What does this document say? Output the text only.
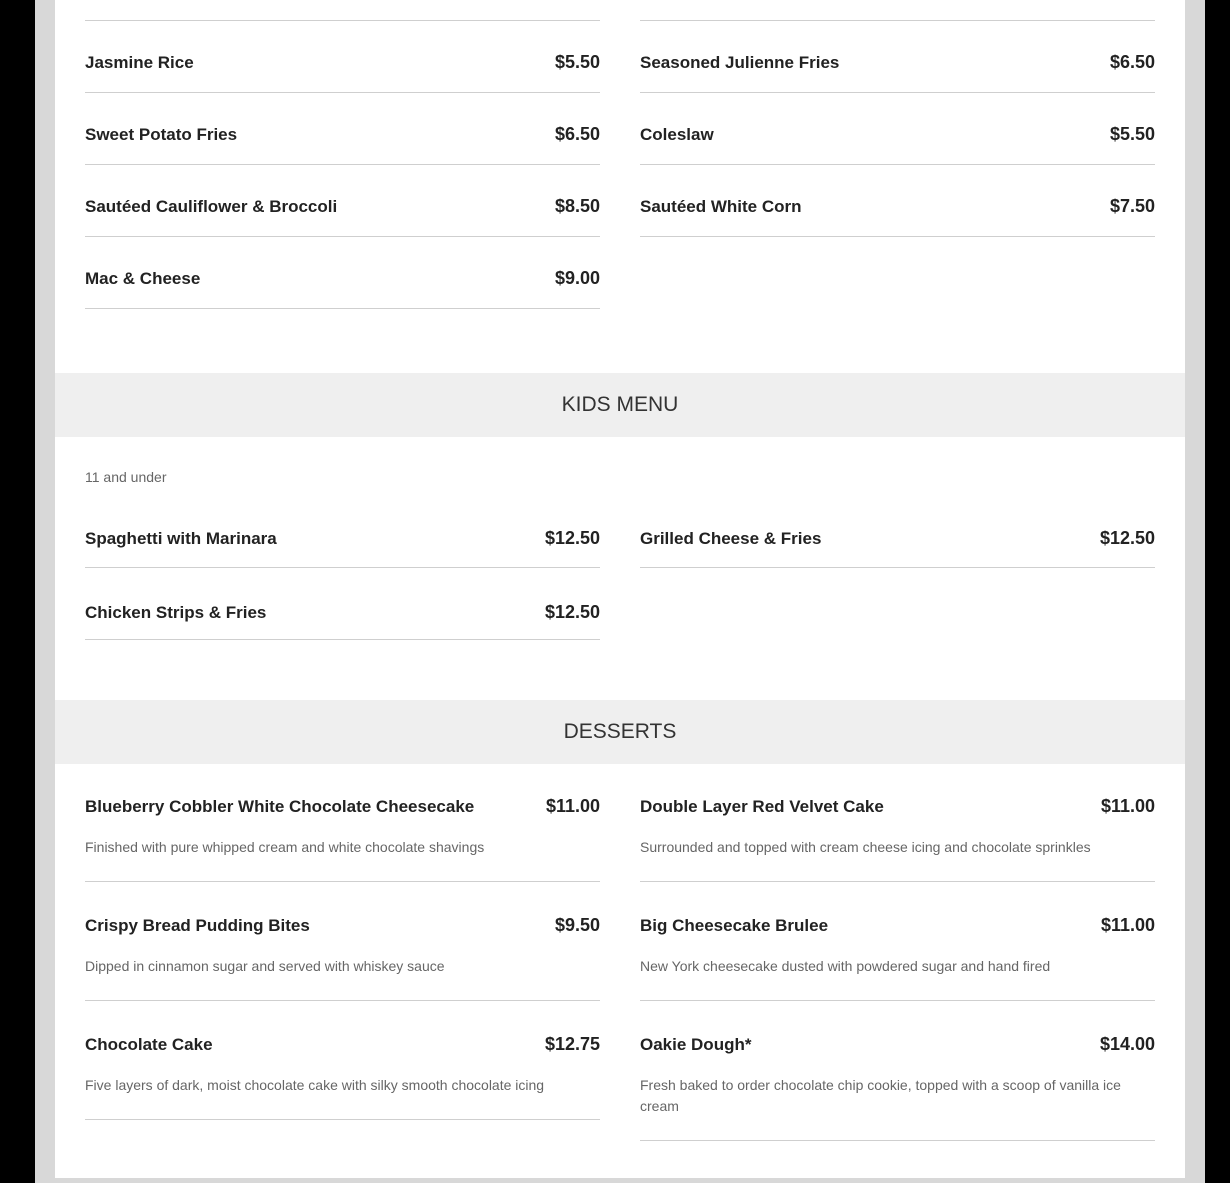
Jasmine Rice	$5.50
Sweet Potato Fries	$6.50
Sautéed Cauliflower & Broccoli	$8.50
Mac & Cheese	$9.00
Seasoned Julienne Fries	$6.50
Coleslaw	$5.50
Sautéed White Corn	$7.50
KIDS MENU
11 and under
Spaghetti with Marinara	$12.50
Chicken Strips & Fries	$12.50
Grilled Cheese & Fries	$12.50
DESSERTS
Blueberry Cobbler White Chocolate Cheesecake	$11.00
Finished with pure whipped cream and white chocolate shavings
Crispy Bread Pudding Bites	$9.50
Dipped in cinnamon sugar and served with whiskey sauce
Chocolate Cake	$12.75
Five layers of dark, moist chocolate cake with silky smooth chocolate icing
Double Layer Red Velvet Cake	$11.00
Surrounded and topped with cream cheese icing and chocolate sprinkles
Big Cheesecake Brulee	$11.00
New York cheesecake dusted with powdered sugar and hand fired
Oakie Dough*	$14.00
Fresh baked to order chocolate chip cookie, topped with a scoop of vanilla ice cream
